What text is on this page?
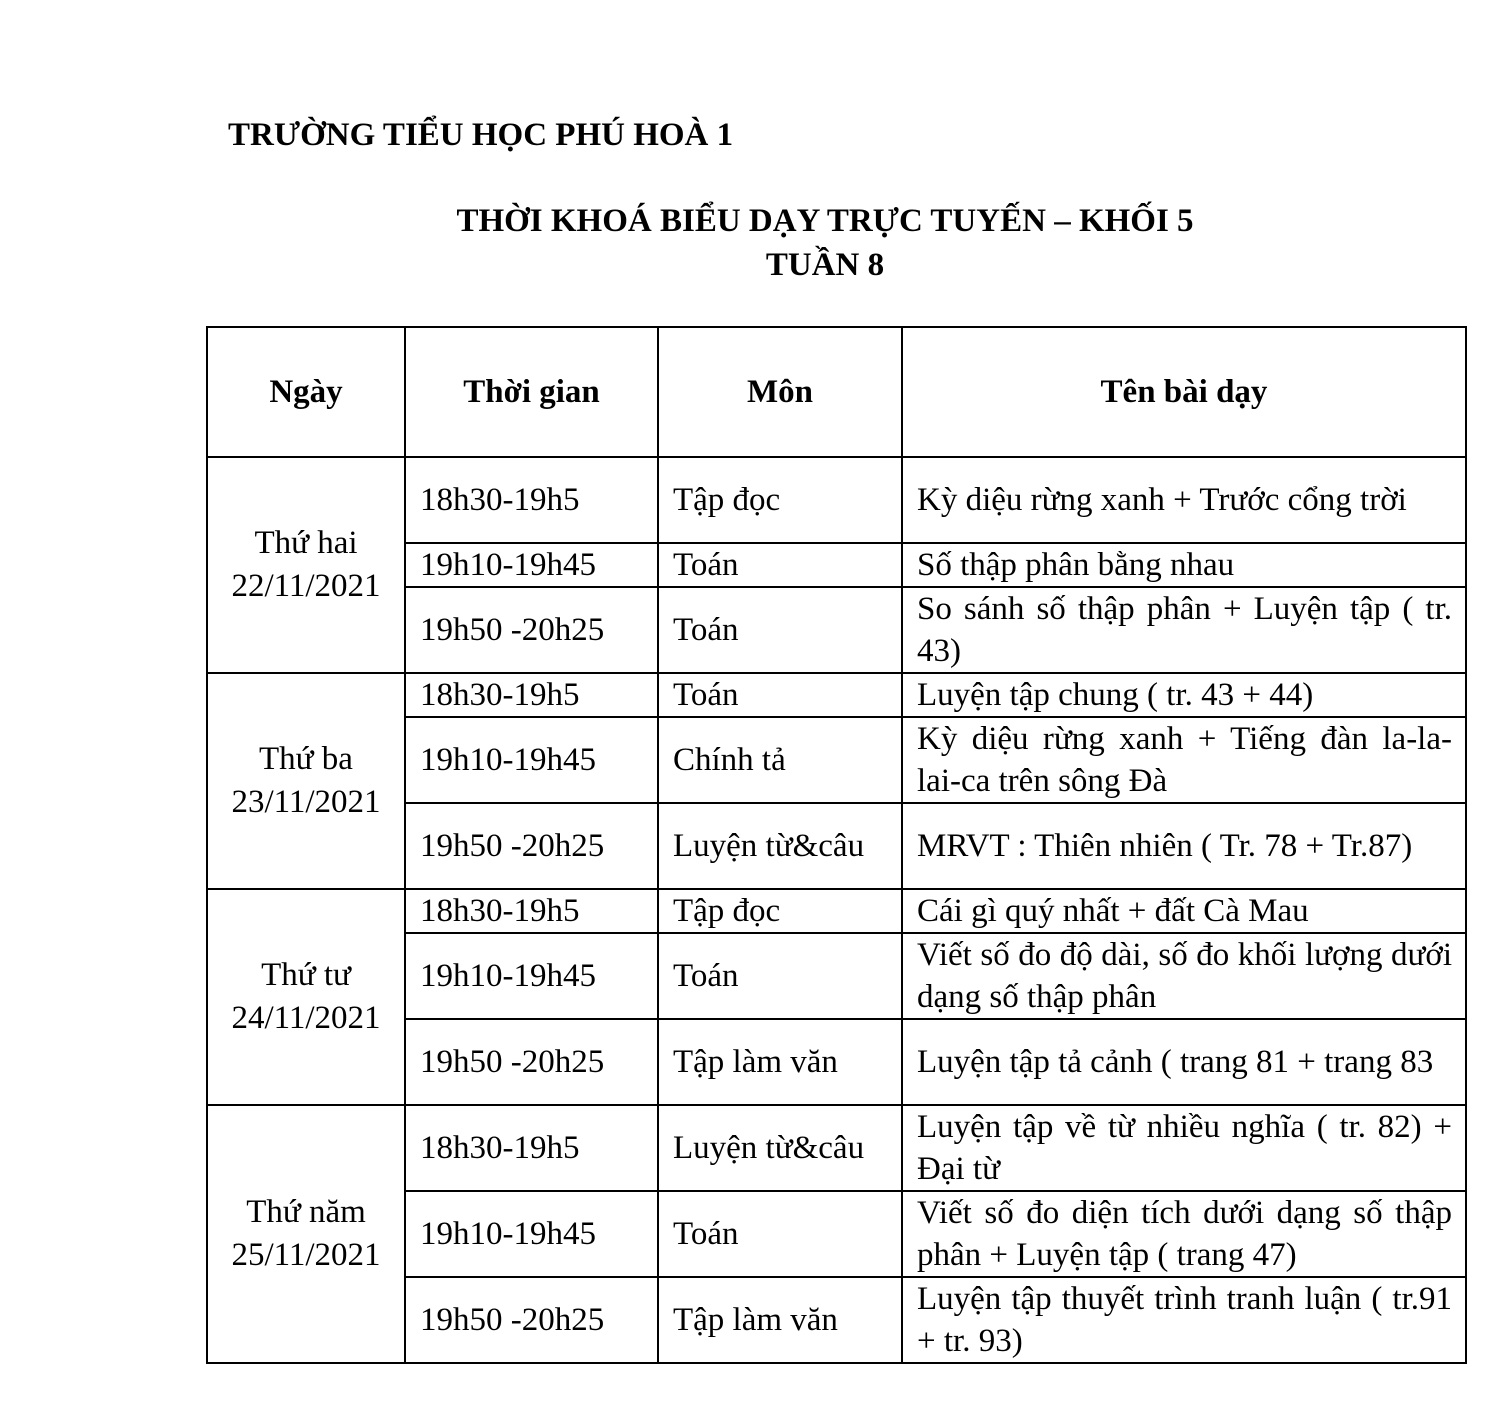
TRƯỜNG TIỂU HỌC PHÚ HOÀ 1
THỜI KHOÁ BIỂU DẠY TRỰC TUYẾN – KHỐI 5
TUẦN 8
Ngày	Thời gian	Môn	Tên bài dạy

Thứ hai
22/11/2021	18h30-19h5	Tập đọc	Kỳ diệu rừng xanh + Trước cổng trời
	19h10-19h45	Toán	Số thập phân bằng nhau
	19h50 -20h25	Toán	So sánh số thập phân + Luyện tập ( tr. 43)

Thứ ba
23/11/2021	18h30-19h5	Toán	Luyện tập chung ( tr. 43 + 44)
	19h10-19h45	Chính tả	Kỳ diệu rừng xanh + Tiếng đàn la-la-lai-ca trên sông Đà
	19h50 -20h25	Luyện từ&câu	MRVT : Thiên nhiên ( Tr. 78 + Tr.87)

Thứ tư
24/11/2021	18h30-19h5	Tập đọc	Cái gì quý nhất + đất Cà Mau
	19h10-19h45	Toán	Viết số đo độ dài, số đo khối lượng dưới dạng số thập phân
	19h50 -20h25	Tập làm văn	Luyện tập tả cảnh ( trang 81 + trang 83

Thứ năm
25/11/2021	18h30-19h5	Luyện từ&câu	Luyện tập về từ nhiều nghĩa ( tr. 82) + Đại từ
	19h10-19h45	Toán	Viết số đo diện tích dưới dạng số thập phân + Luyện tập ( trang 47)
	19h50 -20h25	Tập làm văn	Luyện tập thuyết trình tranh luận ( tr.91 + tr. 93)
